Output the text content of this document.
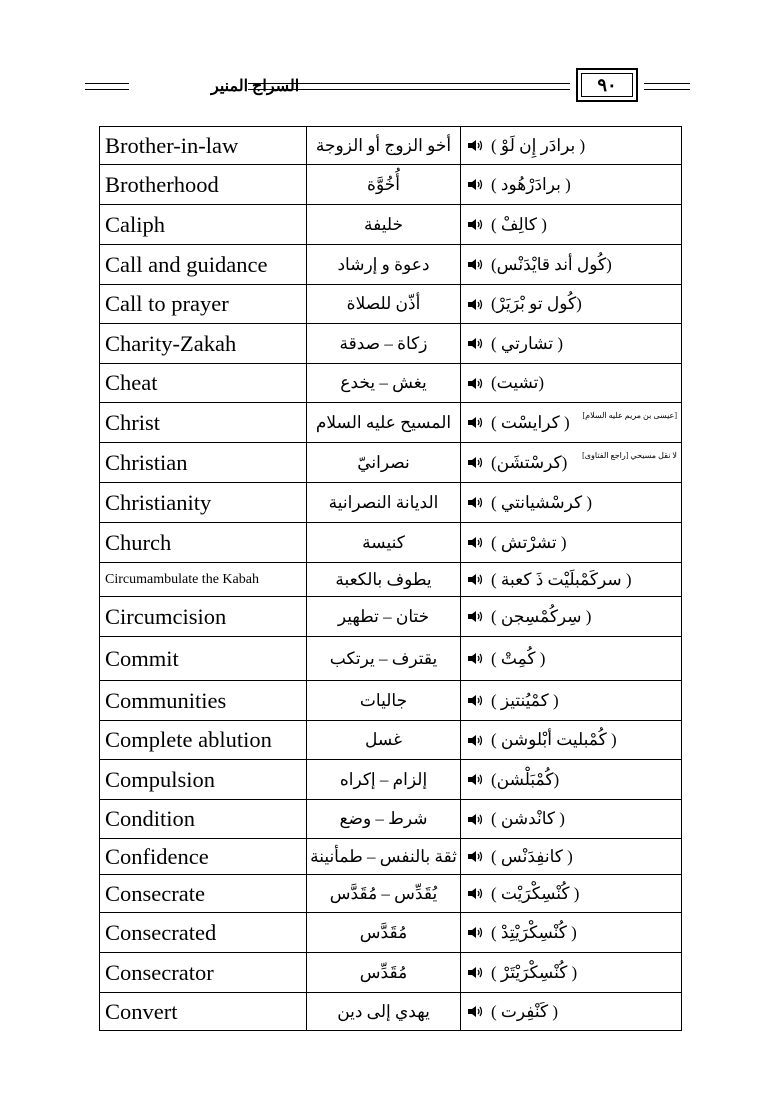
السراج المنير	٩٠
Brother-in-law	أخو الزوج أو الزوجة	( برادَر إِن لَوْ )

Brotherhood	أُخُوَّة	( برادَرْهُود )

Caliph	خليفة	( كالِفْ )

Call and guidance	دعوة و إرشاد	(كُول أند قايْدَنْس)

Call to prayer	أذّن للصلاة	(كُول تو بْرَيَرْ)

Charity-Zakah	زكاة – صدقة	( تشارتي )

Cheat	يغش – يخدع	(تشيت)

Christ	المسيح عليه السلام	( كرايسْت ) [عيسى بن مريم عليه السلام]

Christian	نصرانيّ	(كرسْتشَن) لا نقل مسيحي [راجع الفتاوى]

Christianity	الديانة النصرانية	( كرسْشيانتي )

Church	كنيسة	( تشرْتش )

Circumambulate the Kabah	يطوف بالكعبة	( سركَمْبلَيْت ذَ كعبة )

Circumcision	ختان – تطهير	( سِركُمْسِجن )

Commit	يقترف – يرتكب	( كُمِتْ )

Communities	جاليات	( كمْيُنتيز )

Complete ablution	غسل	( كُمْبليت أبْلوشن )

Compulsion	إلزام – إكراه	(كُمْبَلْشن)

Condition	شرط – وضع	( كانْدشن )

Confidence	ثقة بالنفس – طمأنينة	( كانفِدَنْس )

Consecrate	يُقَدِّس – مُقَدَّس	( كُنْسِكْرَيْت )

Consecrated	مُقَدَّس	( كُنْسِكْرَيْتِدْ )

Consecrator	مُقَدِّس	( كُنْسِكْرَيْتَرْ )

Convert	يهدي إلى دين	( كَنْفِرت )
